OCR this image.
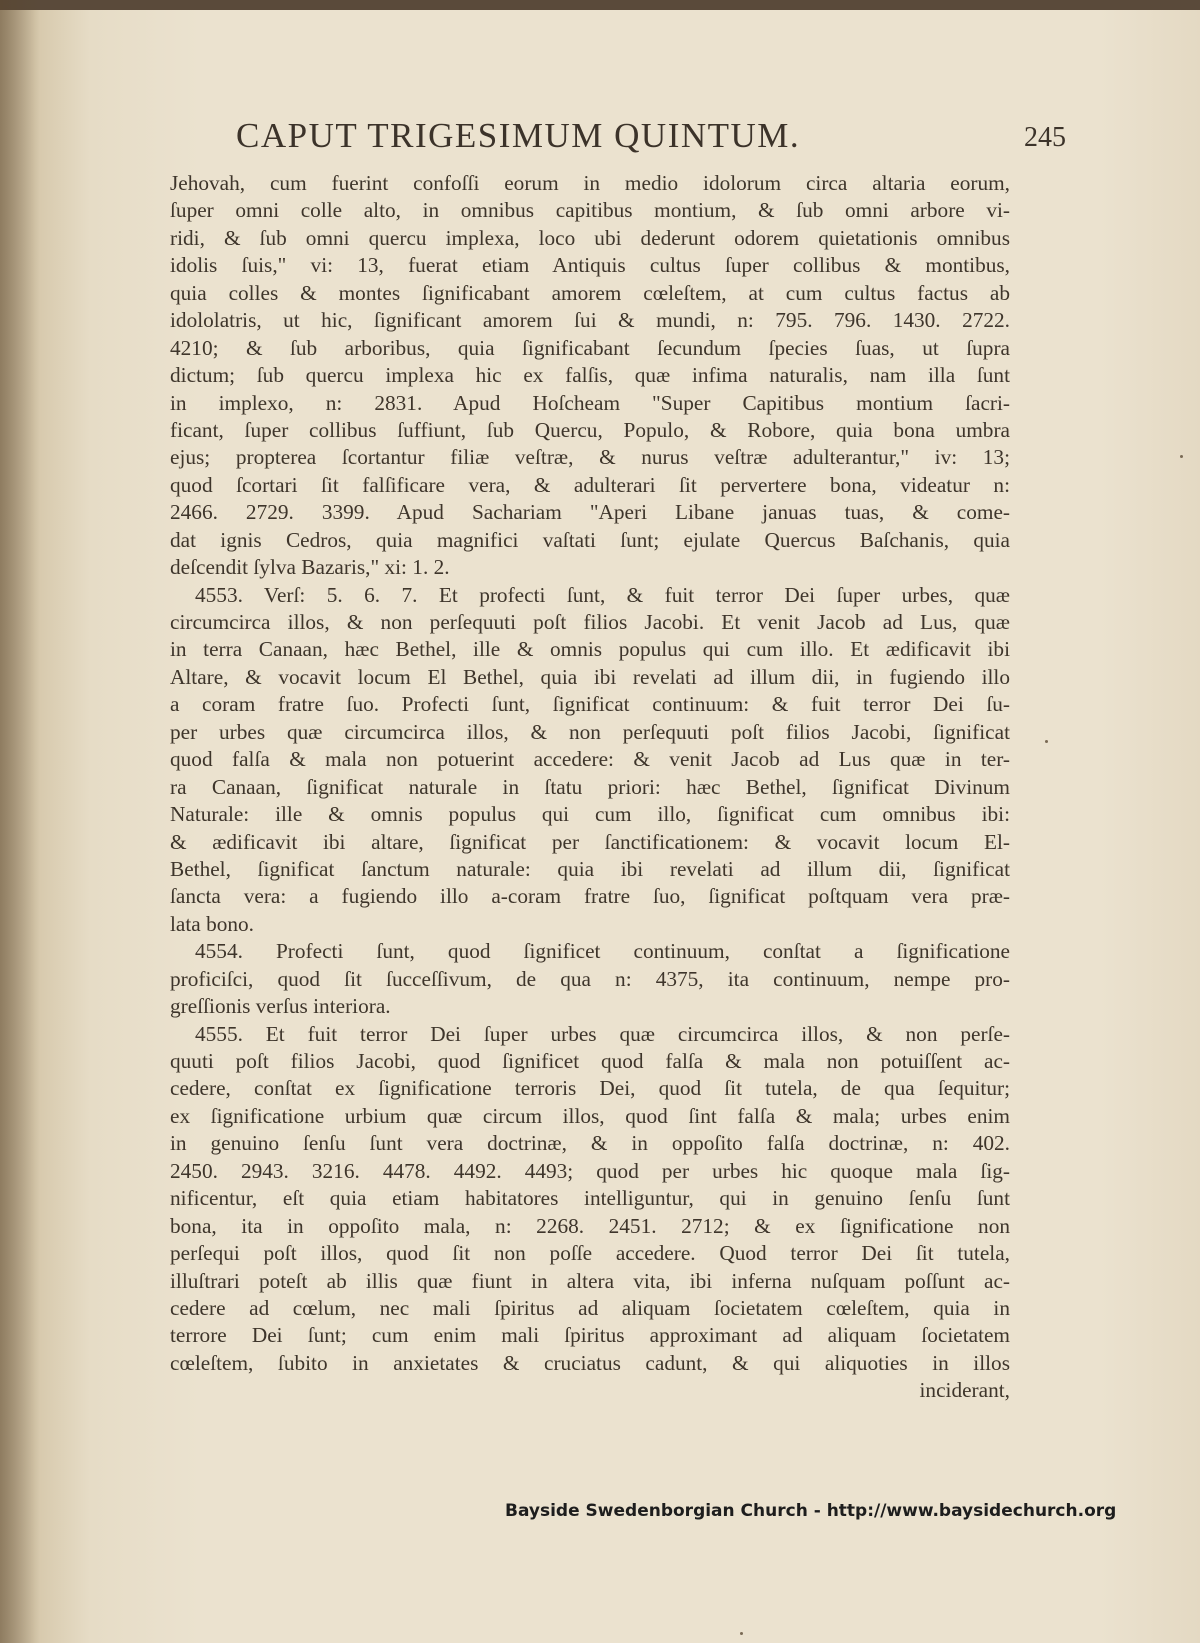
CAPUT TRIGESIMUM QUINTUM.	245
Jehovah, cum fuerint confoſſi eorum in medio idolorum circa altaria eorum,
ſuper omni colle alto, in omnibus capitibus montium, & ſub omni arbore vi-
ridi, & ſub omni quercu implexa, loco ubi dederunt odorem quietationis omnibus
idolis ſuis," vi: 13, fuerat etiam Antiquis cultus ſuper collibus & montibus,
quia colles & montes ſignificabant amorem cœleſtem, at cum cultus factus ab
idololatris, ut hic, ſignificant amorem ſui & mundi, n: 795. 796. 1430. 2722.
4210; & ſub arboribus, quia ſignificabant ſecundum ſpecies ſuas, ut ſupra
dictum; ſub quercu implexa hic ex falſis, quæ infima naturalis, nam illa ſunt
in implexo, n: 2831. Apud Hoſcheam "Super Capitibus montium ſacri-
ficant, ſuper collibus ſuffiunt, ſub Quercu, Populo, & Robore, quia bona umbra
ejus; propterea ſcortantur filiæ veſtræ, & nurus veſtræ adulterantur," iv: 13;
quod ſcortari ſit falſificare vera, & adulterari ſit pervertere bona, videatur n:
2466. 2729. 3399. Apud Sachariam "Aperi Libane januas tuas, & come-
dat ignis Cedros, quia magnifici vaſtati ſunt; ejulate Quercus Baſchanis, quia
deſcendit ſylva Bazaris," xi: 1. 2.
4553. Verſ: 5. 6. 7. Et profecti ſunt, & fuit terror Dei ſuper urbes, quæ
circumcirca illos, & non perſequuti poſt filios Jacobi. Et venit Jacob ad Lus, quæ
in terra Canaan, hæc Bethel, ille & omnis populus qui cum illo. Et ædificavit ibi
Altare, & vocavit locum El Bethel, quia ibi revelati ad illum dii, in fugiendo illo
a coram fratre ſuo. Profecti ſunt, ſignificat continuum: & fuit terror Dei ſu-
per urbes quæ circumcirca illos, & non perſequuti poſt filios Jacobi, ſignificat
quod falſa & mala non potuerint accedere: & venit Jacob ad Lus quæ in ter-
ra Canaan, ſignificat naturale in ſtatu priori: hæc Bethel, ſignificat Divinum
Naturale: ille & omnis populus qui cum illo, ſignificat cum omnibus ibi:
& ædificavit ibi altare, ſignificat per ſanctificationem: & vocavit locum El-
Bethel, ſignificat ſanctum naturale: quia ibi revelati ad illum dii, ſignificat
ſancta vera: a fugiendo illo a-coram fratre ſuo, ſignificat poſtquam vera præ-
lata bono.
4554. Profecti ſunt, quod ſignificet continuum, conſtat a ſignificatione
proficiſci, quod ſit ſucceſſivum, de qua n: 4375, ita continuum, nempe pro-
greſſionis verſus interiora.
4555. Et fuit terror Dei ſuper urbes quæ circumcirca illos, & non perſe-
quuti poſt filios Jacobi, quod ſignificet quod falſa & mala non potuiſſent ac-
cedere, conſtat ex ſignificatione terroris Dei, quod ſit tutela, de qua ſequitur;
ex ſignificatione urbium quæ circum illos, quod ſint falſa & mala; urbes enim
in genuino ſenſu ſunt vera doctrinæ, & in oppoſito falſa doctrinæ, n: 402.
2450. 2943. 3216. 4478. 4492. 4493; quod per urbes hic quoque mala ſig-
nificentur, eſt quia etiam habitatores intelliguntur, qui in genuino ſenſu ſunt
bona, ita in oppoſito mala, n: 2268. 2451. 2712; & ex ſignificatione non
perſequi poſt illos, quod ſit non poſſe accedere. Quod terror Dei ſit tutela,
illuſtrari poteſt ab illis quæ fiunt in altera vita, ibi inferna nuſquam poſſunt ac-
cedere ad cœlum, nec mali ſpiritus ad aliquam ſocietatem cœleſtem, quia in
terrore Dei ſunt; cum enim mali ſpiritus approximant ad aliquam ſocietatem
cœleſtem, ſubito in anxietates & cruciatus cadunt, & qui aliquoties in illos
inciderant,
Bayside Swedenborgian Church - http://www.baysidechurch.org
